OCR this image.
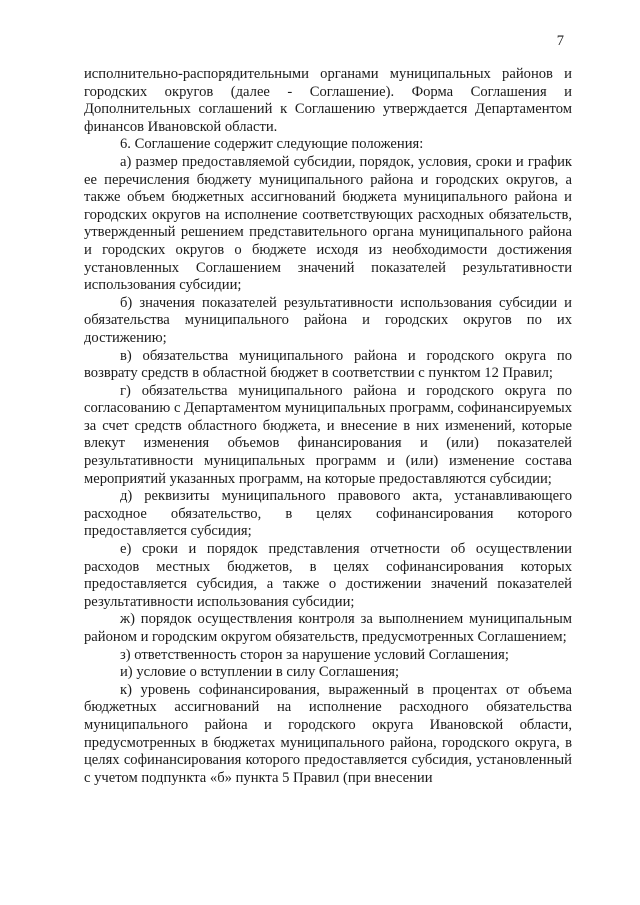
7

исполнительно-распорядительными органами муниципальных районов и городских округов (далее - Соглашение). Форма Соглашения и Дополнительных соглашений к Соглашению утверждается Департаментом финансов Ивановской области.

6. Соглашение содержит следующие положения:

а) размер предоставляемой субсидии, порядок, условия, сроки и график ее перечисления бюджету муниципального района и городских округов, а также объем бюджетных ассигнований бюджета муниципального района и городских округов на исполнение соответствующих расходных обязательств, утвержденный решением представительного органа муниципального района и городских округов о бюджете исходя из необходимости достижения установленных Соглашением значений показателей результативности использования субсидии;

б) значения показателей результативности использования субсидии и обязательства муниципального района и городских округов по их достижению;

в) обязательства муниципального района и городского округа по возврату средств в областной бюджет в соответствии с пунктом 12 Правил;

г) обязательства муниципального района и городского округа по согласованию с Департаментом муниципальных программ, софинансируемых за счет средств областного бюджета, и внесение в них изменений, которые влекут изменения объемов финансирования и (или) показателей результативности муниципальных программ и (или) изменение состава мероприятий указанных программ, на которые предоставляются субсидии;

д) реквизиты муниципального правового акта, устанавливающего расходное обязательство, в целях софинансирования которого предоставляется субсидия;

е) сроки и порядок представления отчетности об осуществлении расходов местных бюджетов, в целях софинансирования которых предоставляется субсидия, а также о достижении значений показателей результативности использования субсидии;

ж) порядок осуществления контроля за выполнением муниципальным районом и городским округом обязательств, предусмотренных Соглашением;

з) ответственность сторон за нарушение условий Соглашения;

и) условие о вступлении в силу Соглашения;

к) уровень софинансирования, выраженный в процентах от объема бюджетных ассигнований на исполнение расходного обязательства муниципального района и городского округа Ивановской области, предусмотренных в бюджетах муниципального района, городского округа, в целях софинансирования которого предоставляется субсидия, установленный с учетом подпункта «б» пункта 5 Правил (при внесении
